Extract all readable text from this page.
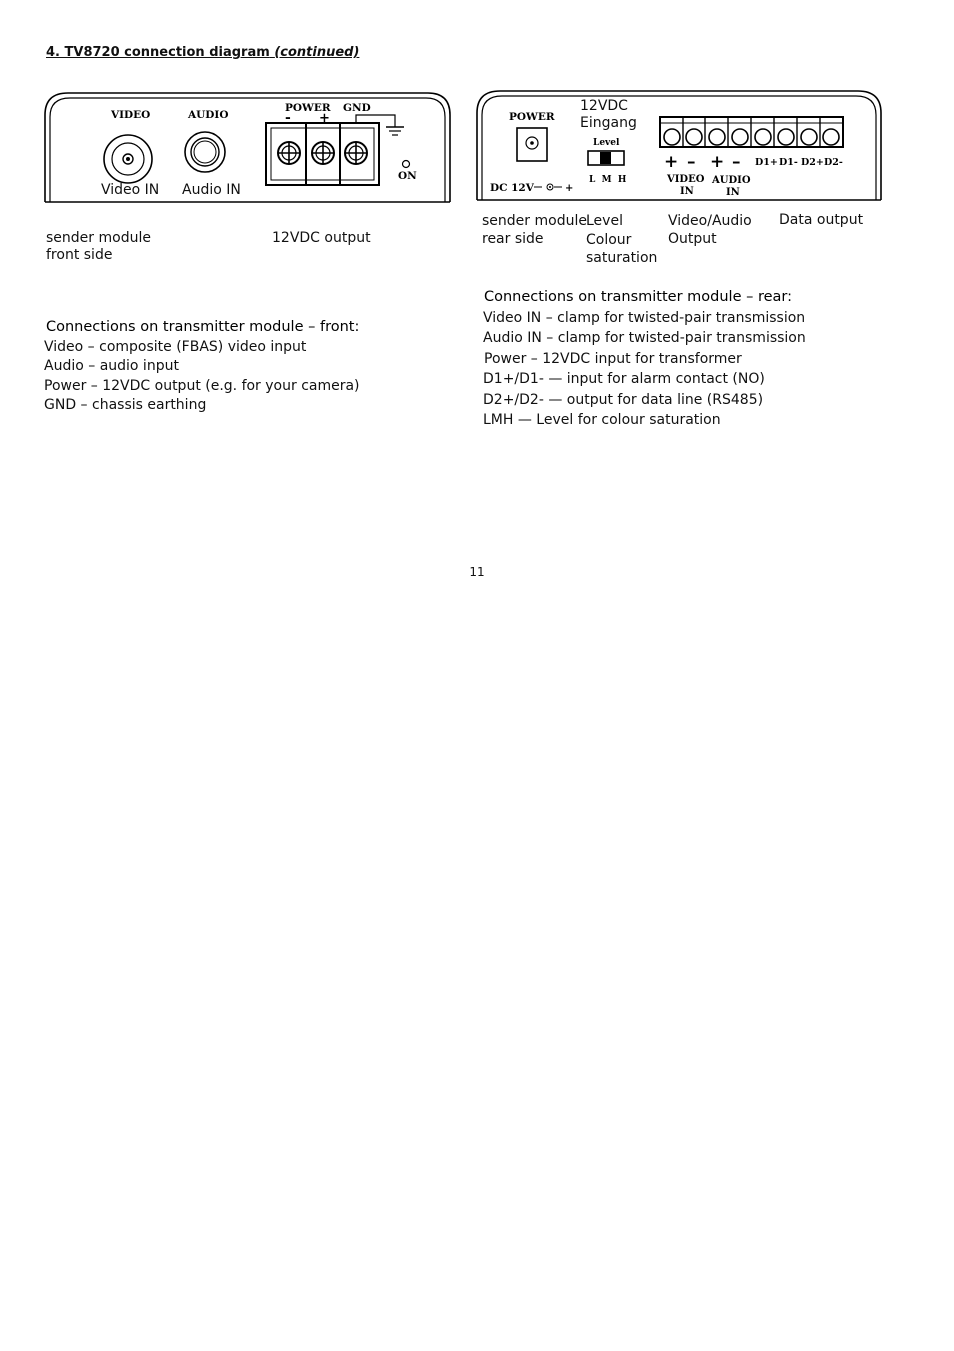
4. TV8720 connection diagram (continued)
VIDEO	AUDIO
POWER GND
- +
ON
Video IN Audio IN
sender module
front side
12VDC output
POWER
Level
L  M  H
DC 12V	+
+ – + – D1+ D1- D2+ D2-
VIDEO
IN
AUDIO
IN
12VDC
Eingang
sender module
rear side
Level
Colour
saturation
Video/Audio
Output
Data output
Connections on transmitter module – front:
Video – composite (FBAS) video input
Audio – audio input
Power – 12VDC output (e.g. for your camera)
GND – chassis earthing
Connections on transmitter module – rear:
Video IN – clamp for twisted-pair transmission
Audio IN – clamp for twisted-pair transmission
Power – 12VDC input for transformer
D1+/D1- — input for alarm contact (NO)
D2+/D2- — output for data line (RS485)
LMH — Level for colour saturation
11
